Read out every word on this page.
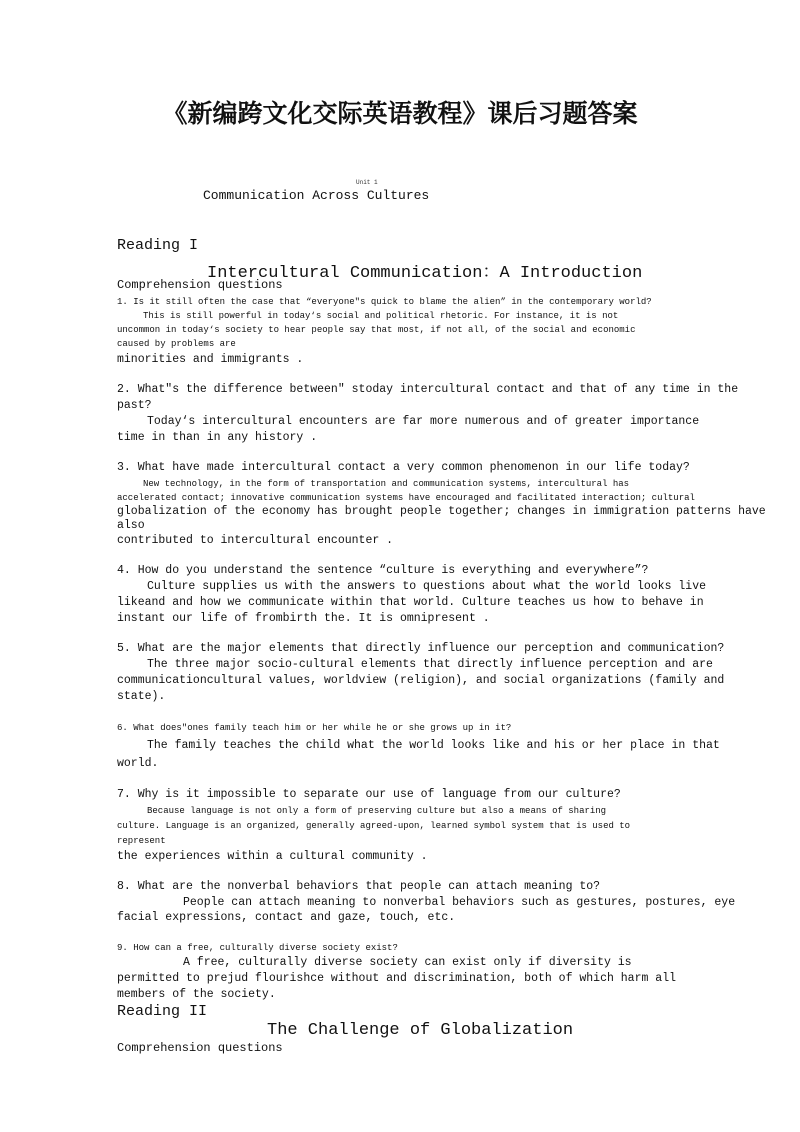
《新编跨文化交际英语教程》课后习题答案
Unit 1
Communication Across Cultures
Reading I
Intercultural Communication：A Introduction
Comprehension questions
1. Is it still often the case that “everyone"s quick to blame the alien” in the contemporary world?
This is still powerful in today‘s social and political rhetoric. For instance, it is not
uncommon in today‘s society to hear people say that most, if not all, of the social and economic
caused by problems are
minorities and immigrants .
2. What"s the difference between" stoday intercultural contact and that of any time in the
past?
Today‘s intercultural encounters are far more numerous and of greater importance
time in than in any history .
3. What have made intercultural contact a very common phenomenon in our life today?
New technology, in the form of transportation and communication systems, intercultural has
accelerated contact; innovative communication systems have encouraged and facilitated interaction; cultural
globalization of the economy has brought people together; changes in immigration patterns have
also
contributed to intercultural encounter .
4. How do you understand the sentence “culture is everything and everywhere”?
Culture supplies us with the answers to questions about what the world looks live
likeand and how we communicate within that world. Culture teaches us how to behave in
instant our life of frombirth the. It is omnipresent .
5. What are the major elements that directly influence our perception and communication?
The three major socio-cultural elements that directly influence perception and are
communicationcultural values, worldview (religion), and social organizations (family and
state).
6. What does"ones family teach him or her while he or she grows up in it?
The family teaches the child what the world looks like and his or her place in that
world.
7. Why is it impossible to separate our use of language from our culture?
Because language is not only a form of preserving culture but also a means of sharing
culture. Language is an organized, generally agreed-upon, learned symbol system that is used to
represent
the experiences within a cultural community .
8. What are the nonverbal behaviors that people can attach meaning to?
People can attach meaning to nonverbal behaviors such as gestures, postures, eye
facial expressions, contact and gaze, touch, etc.
9. How can a free, culturally diverse society exist?
A free, culturally diverse society can exist only if diversity is
permitted to prejud flourishce without and discrimination, both of which harm all
members of the society.
Reading II
The Challenge of Globalization
Comprehension questions
